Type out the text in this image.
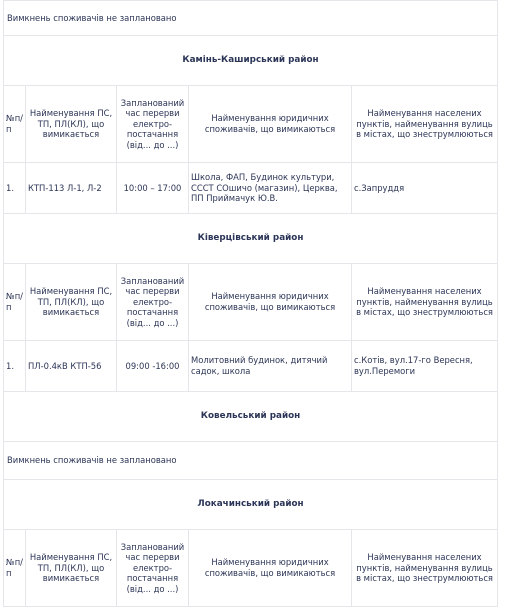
Вимкнень споживачів не заплановано				
Камінь-Каширський район				
№п/п	Найменування ПС, ТП, ПЛ(КЛ), що вимикається	Запланований час перерви електро-постачання (від... до ...)	Найменування юридичних споживачів, що вимикаються	Найменування населених пунктів, найменування вулиць в містах, що знеструмлюються
1.	КТП-113 Л-1, Л-2	10:00 – 17:00	Школа, ФАП, Будинок культури, СССТ СОшичо (магазин), Церква, ПП Приймачук Ю.В.	с.Запруддя
Ківерцівський район				
№п/п	Найменування ПС, ТП, ПЛ(КЛ), що вимикається	Запланований час перерви електро-постачання (від... до ...)	Найменування юридичних споживачів, що вимикаються	Найменування населених пунктів, найменування вулиць в містах, що знеструмлюються
1.	ПЛ-0.4кВ КТП-56	09:00 -16:00	Молитовний будинок, дитячий садок, школа	с.Котів, вул.17-го Вересня, вул.Перемоги
Ковельський район				
Вимкнень споживачів не заплановано				
Локачинський район				
№п/п	Найменування ПС, ТП, ПЛ(КЛ), що вимикається	Запланований час перерви електро-постачання (від... до ...)	Найменування юридичних споживачів, що вимикаються	Найменування населених пунктів, найменування вулиць в містах, що знеструмлюються
